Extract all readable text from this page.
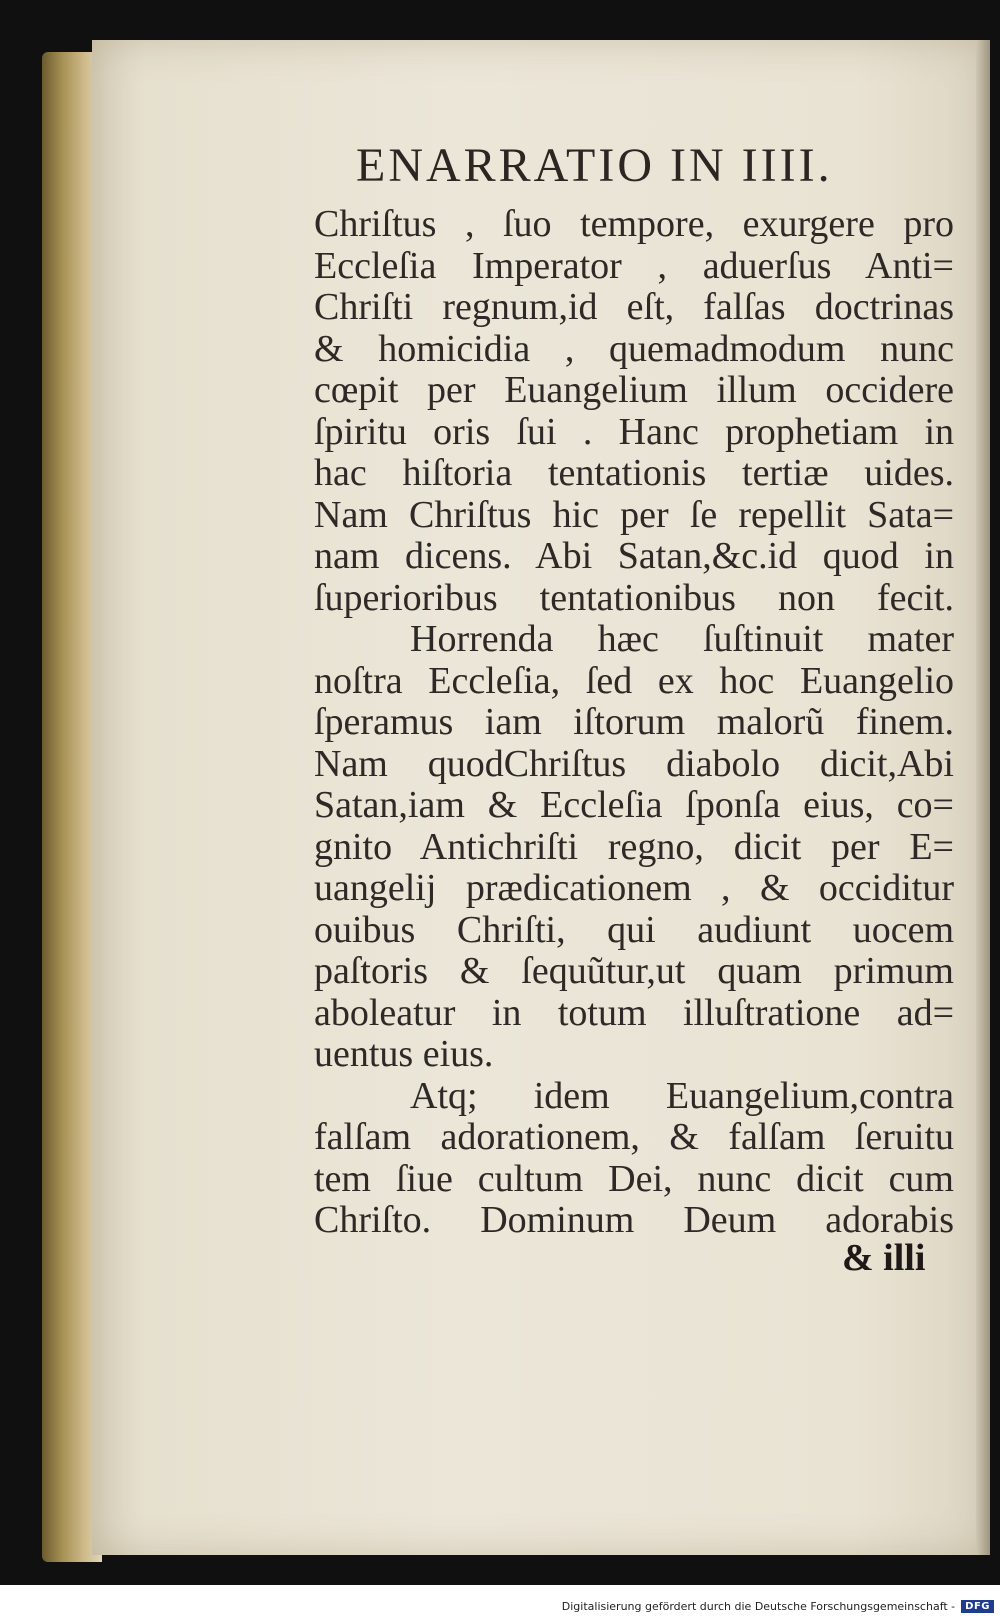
ENARRATIO IN IIII.
Chriſtus , ſuo tempore, exurgere pro
Eccleſia Imperator , aduerſus Anti=
Chriſti regnum,id eſt, falſas doctrinas
& homicidia , quemadmodum nunc
cœpit per Euangelium illum occidere
ſpiritu oris ſui . Hanc prophetiam in
hac hiſtoria tentationis tertiæ uides.
Nam Chriſtus hic per ſe repellit Sata=
nam dicens. Abi Satan,&c.id quod in
ſuperioribus tentationibus non fecit.
Horrenda hæc ſuſtinuit mater
noſtra Eccleſia, ſed ex hoc Euangelio
ſperamus iam iſtorum malorũ finem.
Nam quodChriſtus diabolo dicit,Abi
Satan,iam & Eccleſia ſponſa eius, co=
gnito Antichriſti regno, dicit per E=
uangelij prædicationem , & occiditur
ouibus Chriſti, qui audiunt uocem
paſtoris & ſequũtur,ut quam primum
aboleatur in totum illuſtratione ad=
uentus eius.
Atq; idem Euangelium,contra
falſam adorationem, & falſam ſeruitu
tem ſiue cultum Dei, nunc dicit cum
Chriſto. Dominum Deum adorabis
& illi
Digitalisierung gefördert durch die Deutsche Forschungsgemeinschaft -	DFG
